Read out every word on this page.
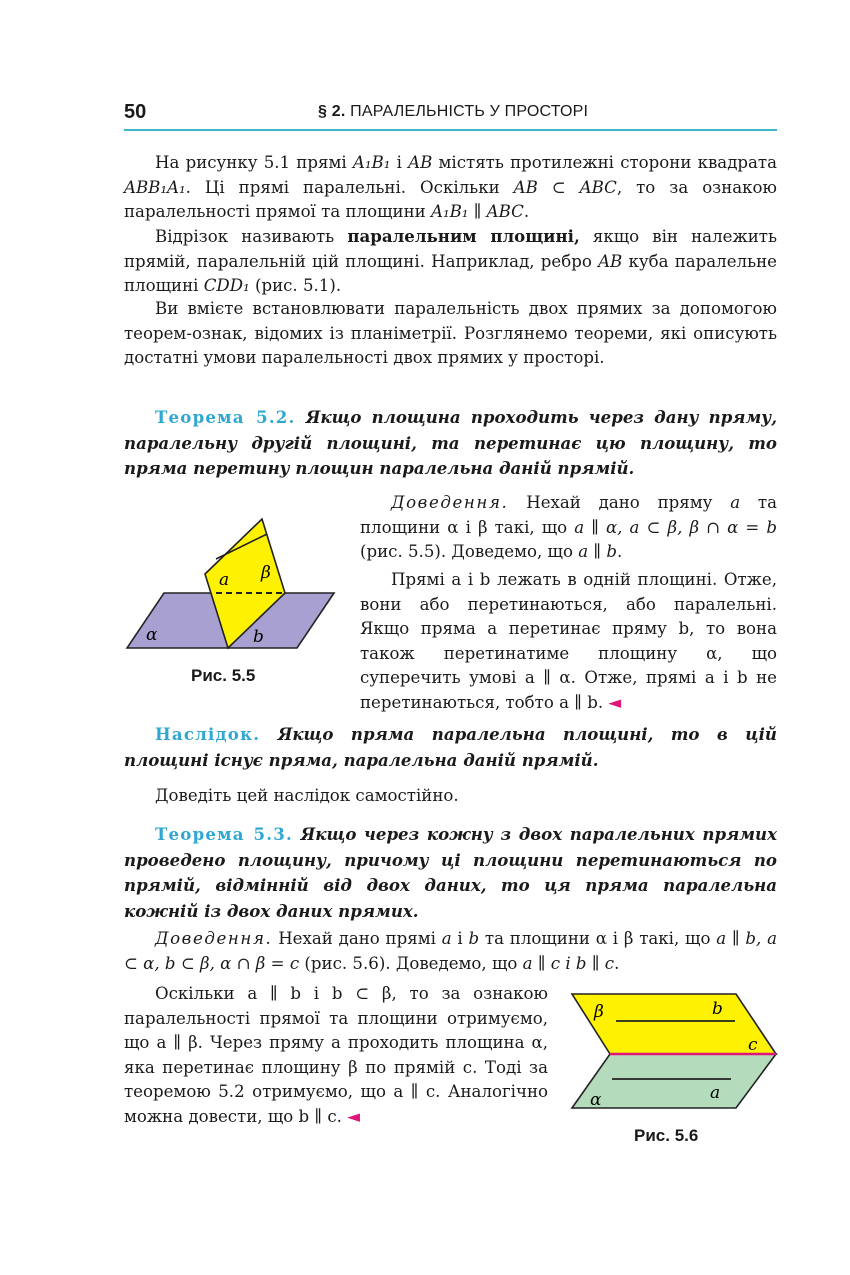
50	§ 2. ПАРАЛЕЛЬНІСТЬ У ПРОСТОРІ

На рисунку 5.1 прямі A₁B₁ і AB містять протилежні сторони квадрата ABB₁A₁. Ці прямі паралельні. Оскільки AB ⊂ ABC, то за ознакою паралельності прямої та площини A₁B₁ ∥ ABC.

Відрізок називають паралельним площині, якщо він належить прямій, паралельній цій площині. Наприклад, ребро AB куба паралельне площині CDD₁ (рис. 5.1).

Ви вмієте встановлювати паралельність двох прямих за допомогою теорем-ознак, відомих із планіметрії. Розглянемо теореми, які описують достатні умови паралельності двох прямих у просторі.

Теорема 5.2. Якщо площина проходить через дану пряму, паралельну другій площині, та перетинає цю площину, то пряма перетину площин паралельна даній прямій.

a β
α	b
Рис. 5.5

Доведення. Нехай дано пряму a та площини α і β такі, що a ∥ α, a ⊂ β, β ∩ α = b (рис. 5.5). Доведемо, що a ∥ b.

Прямі a і b лежать в одній площині. Отже, вони або перетинаються, або паралельні. Якщо пряма a перетинає пряму b, то вона також перетинатиме площину α, що суперечить умові a ∥ α. Отже, прямі a і b не перетинаються, тобто a ∥ b. ◄

Наслідок. Якщо пряма паралельна площині, то в цій площині існує пряма, паралельна даній прямій.

Доведіть цей наслідок самостійно.

Теорема 5.3. Якщо через кожну з двох паралельних прямих проведено площину, причому ці площини перетинаються по прямій, відмінній від двох даних, то ця пряма паралельна кожній із двох даних прямих.

Доведення. Нехай дано прямі a і b та площини α і β такі, що a ∥ b, a ⊂ α, b ⊂ β, α ∩ β = c (рис. 5.6). Доведемо, що a ∥ c і b ∥ c.

Оскільки a ∥ b і b ⊂ β, то за ознакою паралельності прямої та площини отримуємо, що a ∥ β. Через пряму a проходить площина α, яка перетинає площину β по прямій c. Тоді за теоремою 5.2 отримуємо, що a ∥ c. Аналогічно можна довести, що b ∥ c. ◄

β	b
c
a
α
Рис. 5.6
